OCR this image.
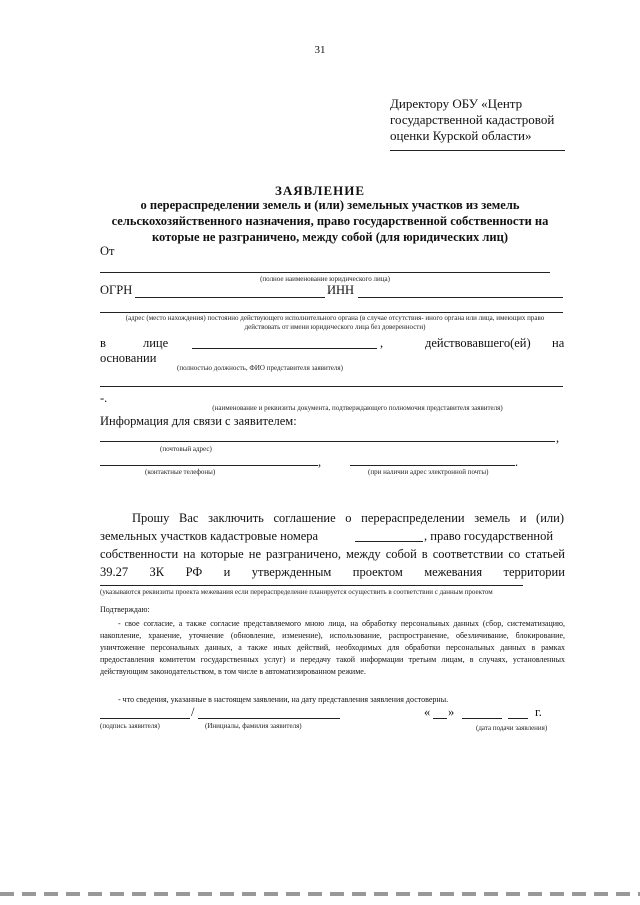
31
Директору ОБУ «Центр
государственной кадастровой
оценки Курской области»
ЗАЯВЛЕНИЕ
о перераспределении земель и (или) земельных участков из земель сельскохозяйственного назначения, право государственной собственности на которые не разграничено, между собой (для юридических лиц)
От
(полное наименование юридического лица)
ОГРН	ИНН
(адрес (место нахождения) постоянно действующего исполнительного органа (в случае отсутствия- иного органа или лица, имеющих право действовать от имени юридического лица без доверенности)
в	лице	,	действовавшего(ей) на
основании
(полностью должность, ФИО представителя заявителя)
-.
(наименование и реквизиты документа, подтверждающего полномочия представителя заявителя)
Информация для связи с заявителем:
,
(почтовый адрес)
,	.
(контактные телефоны)	(при наличии адрес электронной почты)
Прошу Вас заключить соглашение о перераспределении земель и (или)
земельных участков кадастровые номера	, право государственной
собственности на которые не разграничено, между собой в соответствии со статьей
39.27 ЗК РФ и утвержденным проектом межевания территории
(указываются реквизиты проекта межевания если перераспределение планируется осуществить в соответствии с данным проектом
Подтверждаю:
- свое согласие, а также согласие представляемого мною лица, на обработку персональных данных (сбор, систематизацию, накопление, хранение, уточнение (обновление, изменение), использование, распространение, обезличивание, блокирование, уничтожение персональных данных, а также иных действий, необходимых для обработки персональных данных в рамках предоставления комитетом государственных услуг) и передачу такой информации третьим лицам, в случаях, установленных действующим законодательством, в том числе в автоматизированном режиме.
- что сведения, указанные в настоящем заявлении, на дату представления заявления достоверны.
/	« »	г.
(подпись заявителя)	(Инициалы, фамилия заявителя)	(дата подачи заявления)
